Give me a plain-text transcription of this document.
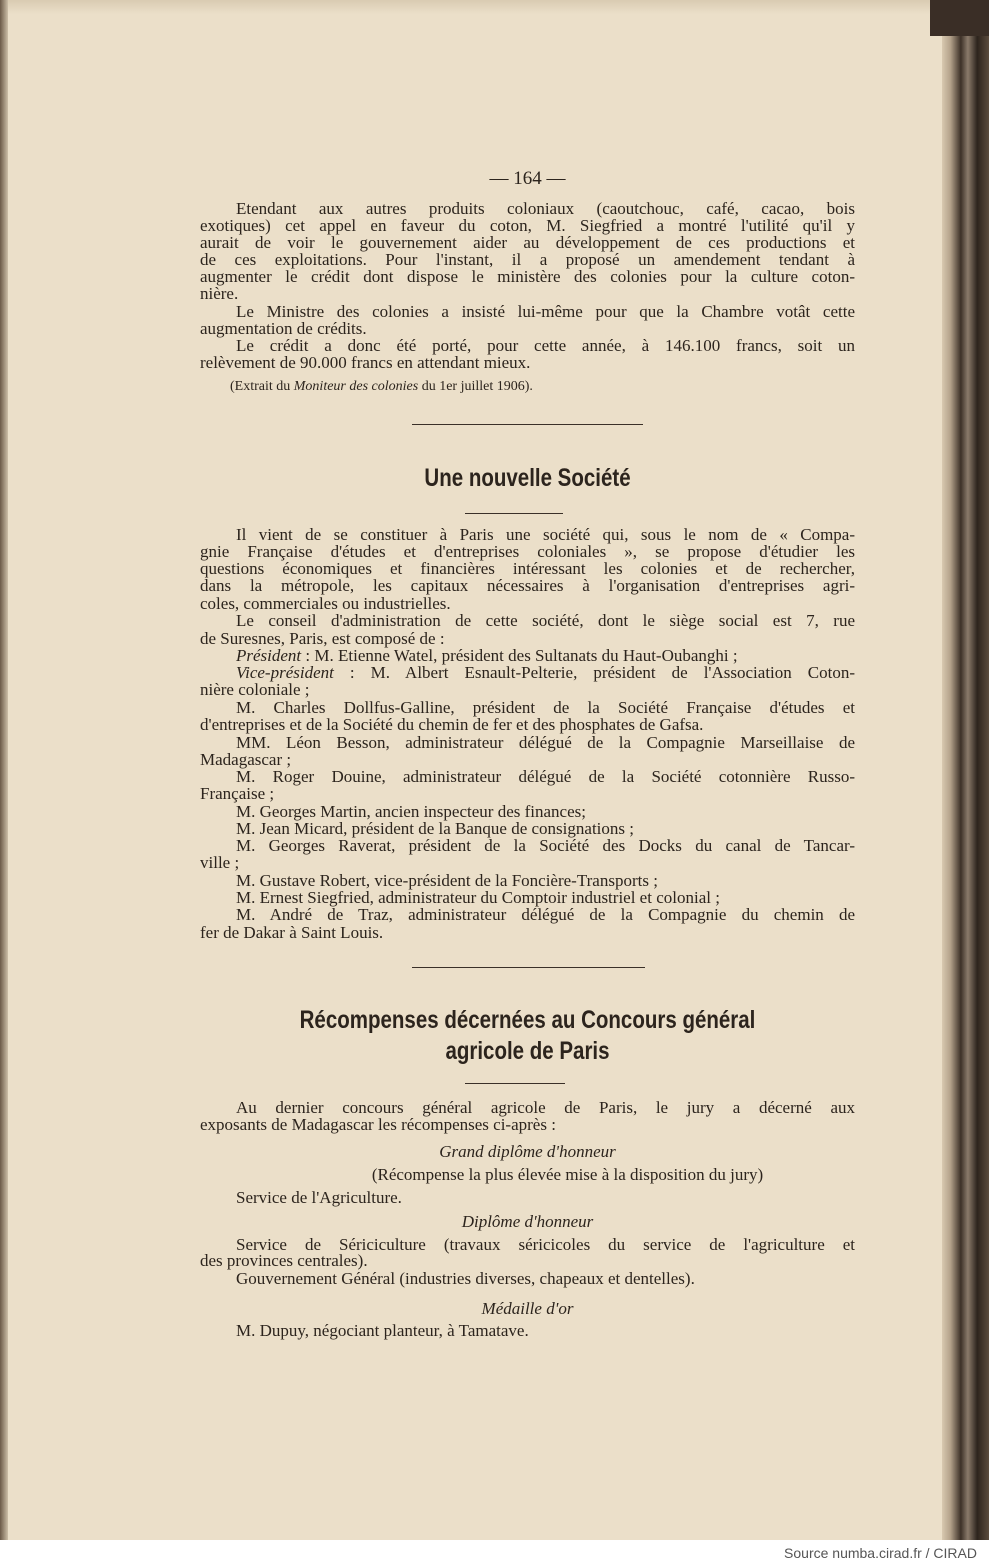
— 164 —
Etendant aux autres produits coloniaux (caoutchouc, café, cacao, bois
exotiques) cet appel en faveur du coton, M. Siegfried a montré l'utilité qu'il y
aurait de voir le gouvernement aider au développement de ces productions et
de ces exploitations. Pour l'instant, il a proposé un amendement tendant à
augmenter le crédit dont dispose le ministère des colonies pour la culture coton-
nière.
Le Ministre des colonies a insisté lui-même pour que la Chambre votât cette
augmentation de crédits.
Le crédit a donc été porté, pour cette année, à 146.100 francs, soit un
relèvement de 90.000 francs en attendant mieux.
(Extrait du Moniteur des colonies du 1er juillet 1906).
Une nouvelle Société
Il vient de se constituer à Paris une société qui, sous le nom de « Compa-
gnie Française d'études et d'entreprises coloniales », se propose d'étudier les
questions économiques et financières intéressant les colonies et de rechercher,
dans la métropole, les capitaux nécessaires à l'organisation d'entreprises agri-
coles, commerciales ou industrielles.
Le conseil d'administration de cette société, dont le siège social est 7, rue
de Suresnes, Paris, est composé de :
Président : M. Etienne Watel, président des Sultanats du Haut-Oubanghi ;
Vice-président : M. Albert Esnault-Pelterie, président de l'Association Coton-
nière coloniale ;
M. Charles Dollfus-Galline, président de la Société Française d'études et
d'entreprises et de la Société du chemin de fer et des phosphates de Gafsa.
MM. Léon Besson, administrateur délégué de la Compagnie Marseillaise de
Madagascar ;
M. Roger Douine, administrateur délégué de la Société cotonnière Russo-
Française ;
M. Georges Martin, ancien inspecteur des finances;
M. Jean Micard, président de la Banque de consignations ;
M. Georges Raverat, président de la Société des Docks du canal de Tancar-
ville ;
M. Gustave Robert, vice-président de la Foncière-Transports ;
M. Ernest Siegfried, administrateur du Comptoir industriel et colonial ;
M. André de Traz, administrateur délégué de la Compagnie du chemin de
fer de Dakar à Saint Louis.
Récompenses décernées au Concours général
agricole de Paris
Au dernier concours général agricole de Paris, le jury a décerné aux
exposants de Madagascar les récompenses ci-après :
Grand diplôme d'honneur
(Récompense la plus élevée mise à la disposition du jury)
Service de l'Agriculture.
Diplôme d'honneur
Service de Sériciculture (travaux séricicoles du service de l'agriculture et
des provinces centrales).
Gouvernement Général (industries diverses, chapeaux et dentelles).
Médaille d'or
M. Dupuy, négociant planteur, à Tamatave.
Source numba.cirad.fr / CIRAD
